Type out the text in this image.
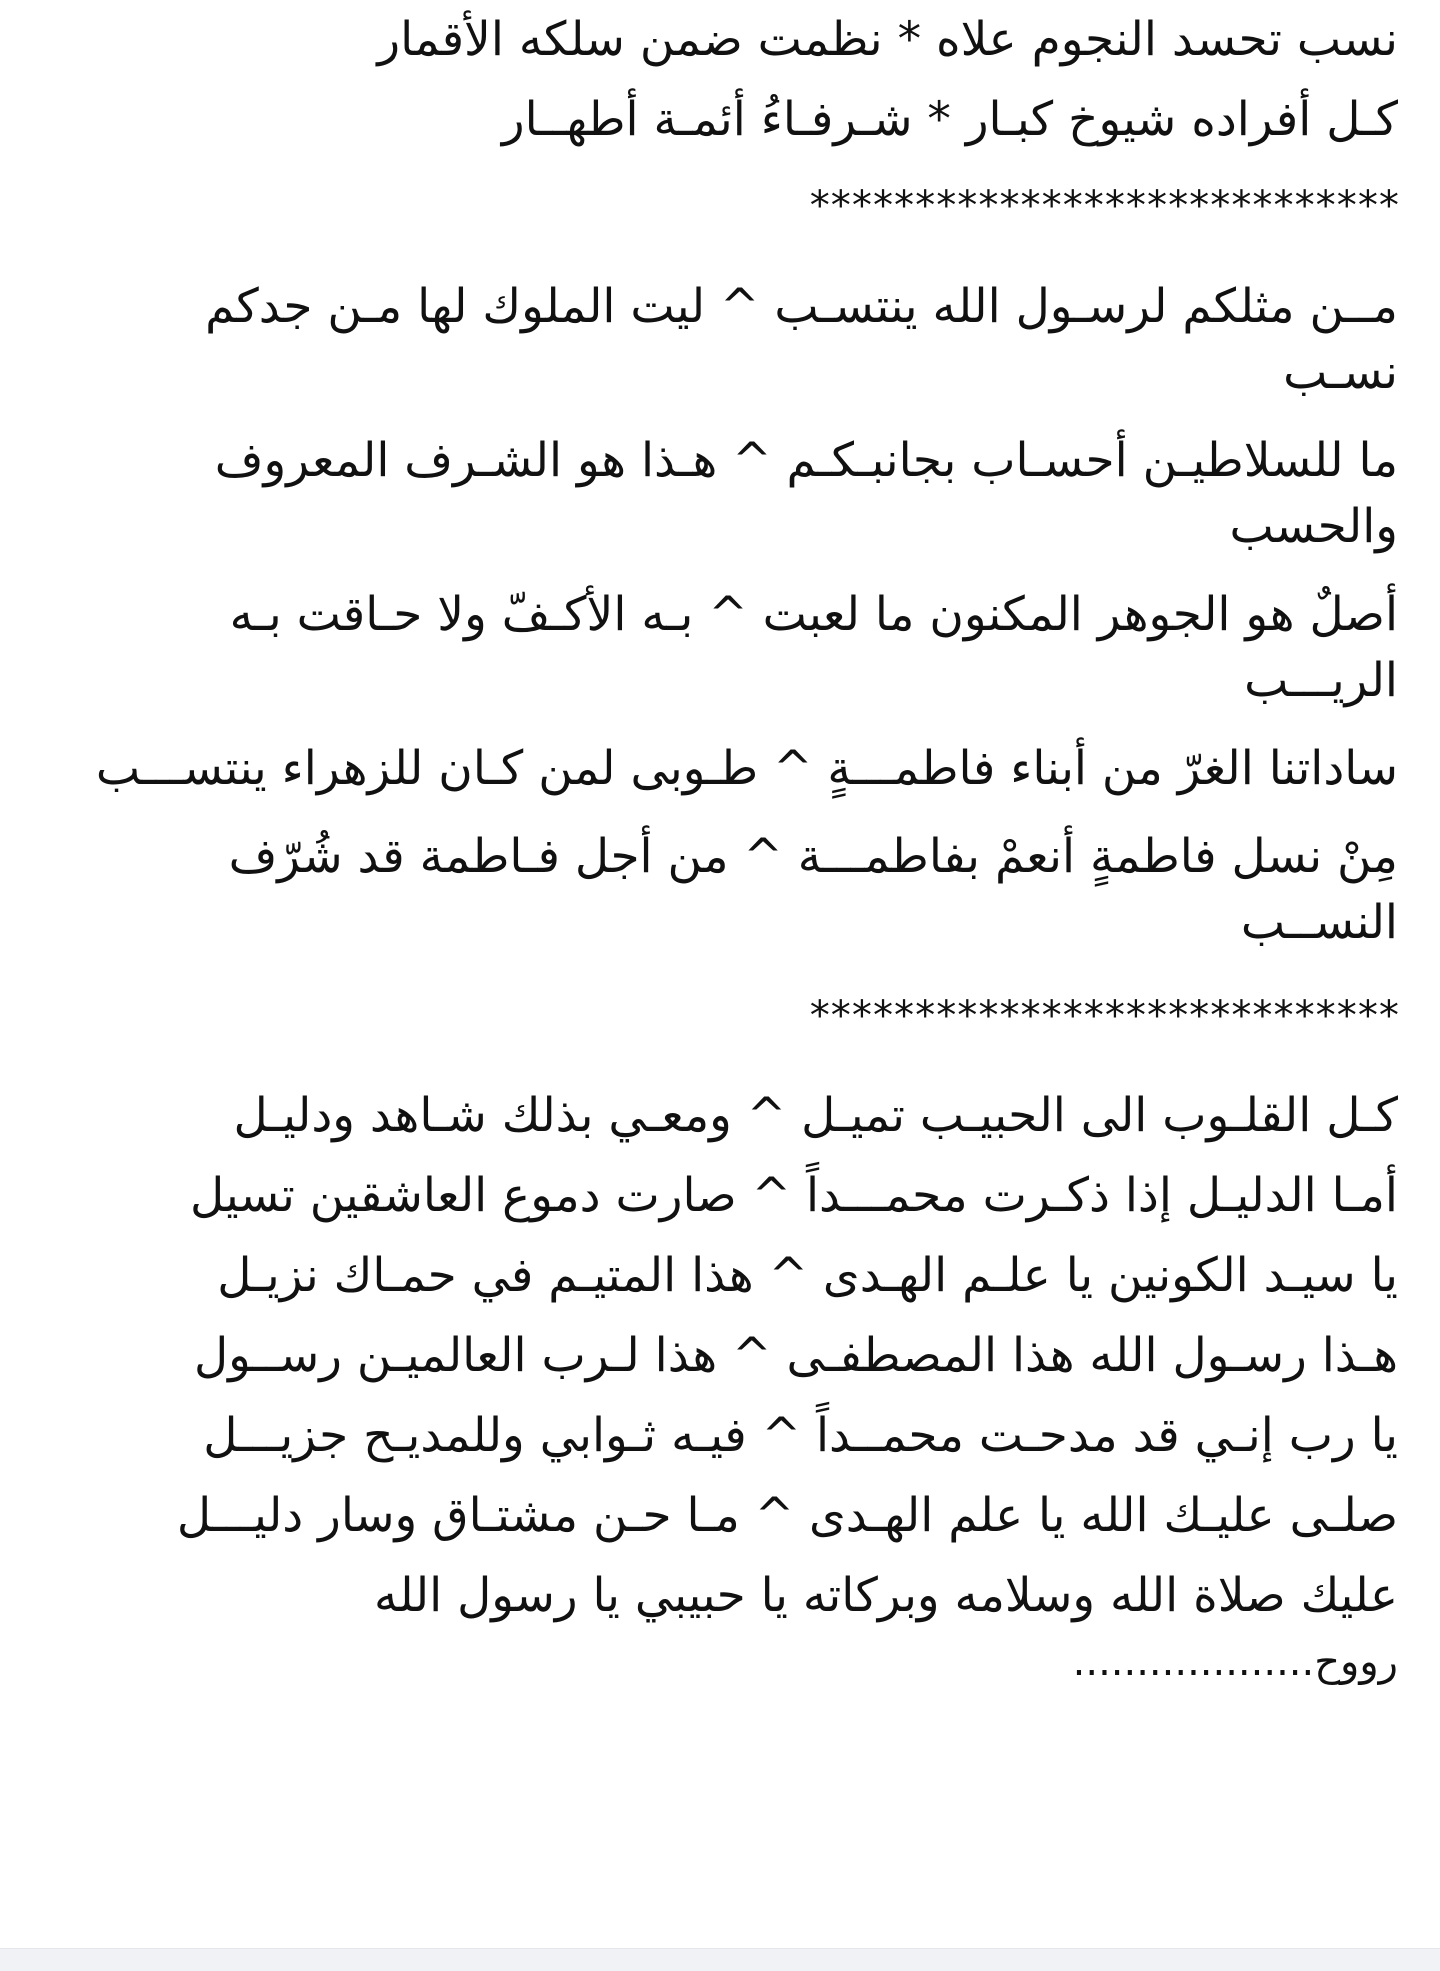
نسب تحسد النجوم علاه * نظمت ضمن سلكه الأقمار
كـل أفراده شيوخ كبـار * شـرفـاءُ أئمـة أطهــار
****************************
مــن مثلكم لرسـول الله ينتسـب ^ ليت الملوك لها مـن جدكم نسـب
ما للسلاطيـن أحسـاب بجانبـكـم ^ هـذا هو الشـرف المعروف والحسب
أصلٌ هو الجوهر المكنون ما لعبت ^ بـه الأكـفّ ولا حـاقت بـه الريـــب
ساداتنا الغرّ من أبناء فاطمـــةٍ ^ طـوبى لمن كـان للزهراء ينتســـب
مِنْ نسل فاطمةٍ أنعمْ بفاطمـــة ^ من أجل فـاطمة قد شُرّف النســب
****************************
كـل القلـوب الى الحبيـب تميـل ^ ومعـي بذلك شـاهد ودليـل
أمـا الدليـل إذا ذكـرت محمـــداً ^ صارت دموع العاشقين تسيل
يا سيـد الكونين يا علـم الهـدى ^ هذا المتيـم في حمـاك نزيـل
هـذا رسـول الله هذا المصطفـى ^ هذا لـرب العالميـن رســول
يا رب إنـي قد مدحـت محمــداً ^ فيـه ثـوابي وللمديـح جزيـــل
صلـى عليـك الله يا علم الهـدى ^ مـا حـن مشتـاق وسار دليـــل
عليك صلاة الله وسلامه وبركاته يا حبيبي يا رسول الله
رووح...................
